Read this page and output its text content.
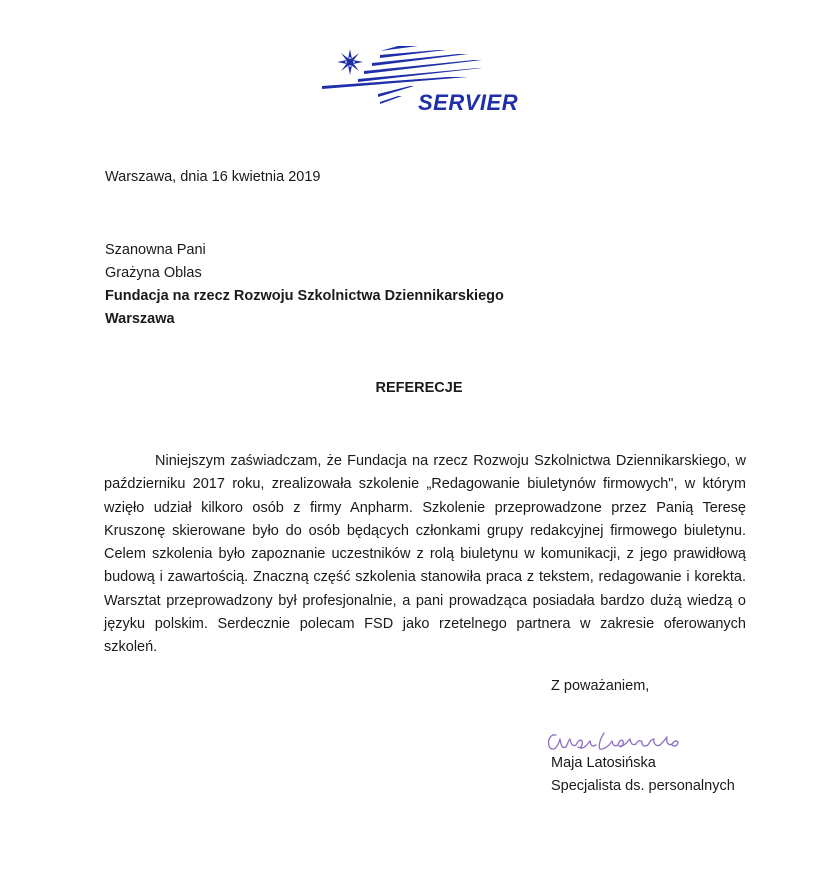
SERVIER
Warszawa, dnia 16 kwietnia 2019
Szanowna Pani
Grażyna Oblas
Fundacja na rzecz Rozwoju Szkolnictwa Dziennikarskiego
Warszawa
REFERECJE
Niniejszym zaświadczam, że Fundacja na rzecz Rozwoju Szkolnictwa Dziennikarskiego, w październiku 2017 roku, zrealizowała szkolenie „Redagowanie biuletynów firmowych", w którym wzięło udział kilkoro osób z firmy Anpharm. Szkolenie przeprowadzone przez Panią Teresę Kruszonę skierowane było do osób będących członkami grupy redakcyjnej firmowego biuletynu. Celem szkolenia było zapoznanie uczestników z rolą biuletynu w komunikacji, z jego prawidłową budową i zawartością. Znaczną część szkolenia stanowiła praca z tekstem, redagowanie i korekta. Warsztat przeprowadzony był profesjonalnie, a pani prowadząca posiadała bardzo dużą wiedzą o języku polskim. Serdecznie polecam FSD jako rzetelnego partnera w zakresie oferowanych szkoleń.
Z poważaniem,
Maja Latosińska
Specjalista ds. personalnych
